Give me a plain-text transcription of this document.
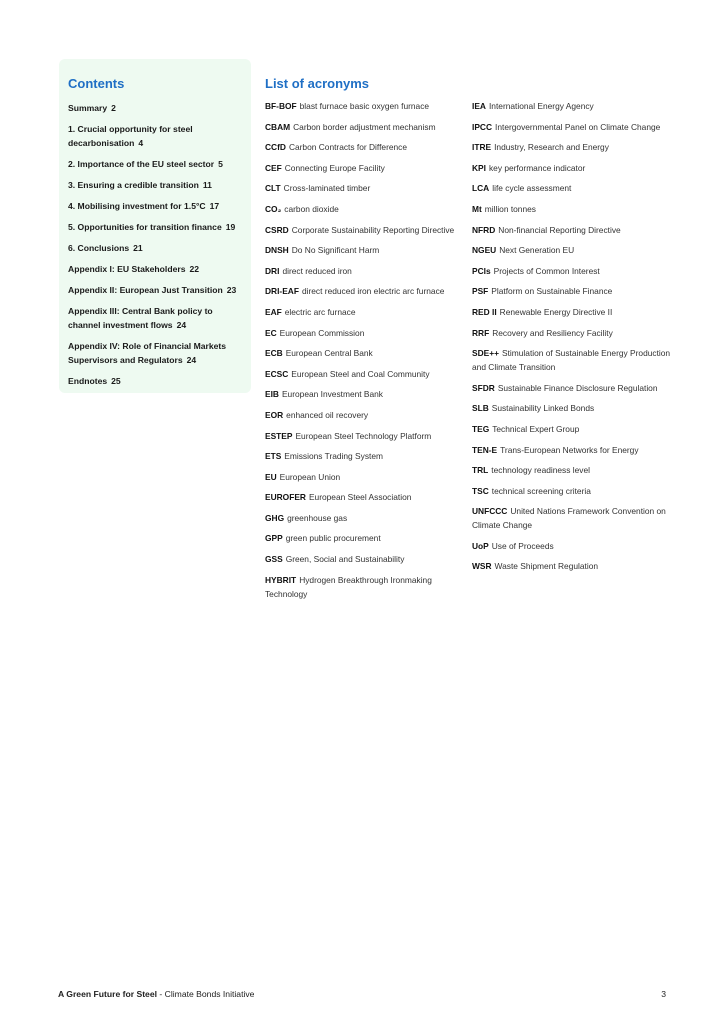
Contents
Summary 2
1. Crucial opportunity for steel decarbonisation 4
2. Importance of the EU steel sector 5
3. Ensuring a credible transition 11
4. Mobilising investment for 1.5°C 17
5. Opportunities for transition finance 19
6. Conclusions 21
Appendix I: EU Stakeholders 22
Appendix II: European Just Transition 23
Appendix III: Central Bank policy to channel investment flows 24
Appendix IV: Role of Financial Markets Supervisors and Regulators 24
Endnotes 25
List of acronyms
BF-BOF blast furnace basic oxygen furnace
CBAM Carbon border adjustment mechanism
CCfD Carbon Contracts for Difference
CEF Connecting Europe Facility
CLT Cross-laminated timber
CO₂ carbon dioxide
CSRD Corporate Sustainability Reporting Directive
DNSH Do No Significant Harm
DRI direct reduced iron
DRI-EAF direct reduced iron electric arc furnace
EAF electric arc furnace
EC European Commission
ECB European Central Bank
ECSC European Steel and Coal Community
EIB European Investment Bank
EOR enhanced oil recovery
ESTEP European Steel Technology Platform
ETS Emissions Trading System
EU European Union
EUROFER European Steel Association
GHG greenhouse gas
GPP green public procurement
GSS Green, Social and Sustainability
HYBRIT Hydrogen Breakthrough Ironmaking Technology
IEA International Energy Agency
IPCC Intergovernmental Panel on Climate Change
ITRE Industry, Research and Energy
KPI key performance indicator
LCA life cycle assessment
Mt million tonnes
NFRD Non-financial Reporting Directive
NGEU Next Generation EU
PCIs Projects of Common Interest
PSF Platform on Sustainable Finance
RED II Renewable Energy Directive II
RRF Recovery and Resiliency Facility
SDE++ Stimulation of Sustainable Energy Production and Climate Transition
SFDR Sustainable Finance Disclosure Regulation
SLB Sustainability Linked Bonds
TEG Technical Expert Group
TEN-E Trans-European Networks for Energy
TRL technology readiness level
TSC technical screening criteria
UNFCCC United Nations Framework Convention on Climate Change
UoP Use of Proceeds
WSR Waste Shipment Regulation
A Green Future for Steel - Climate Bonds Initiative	3
